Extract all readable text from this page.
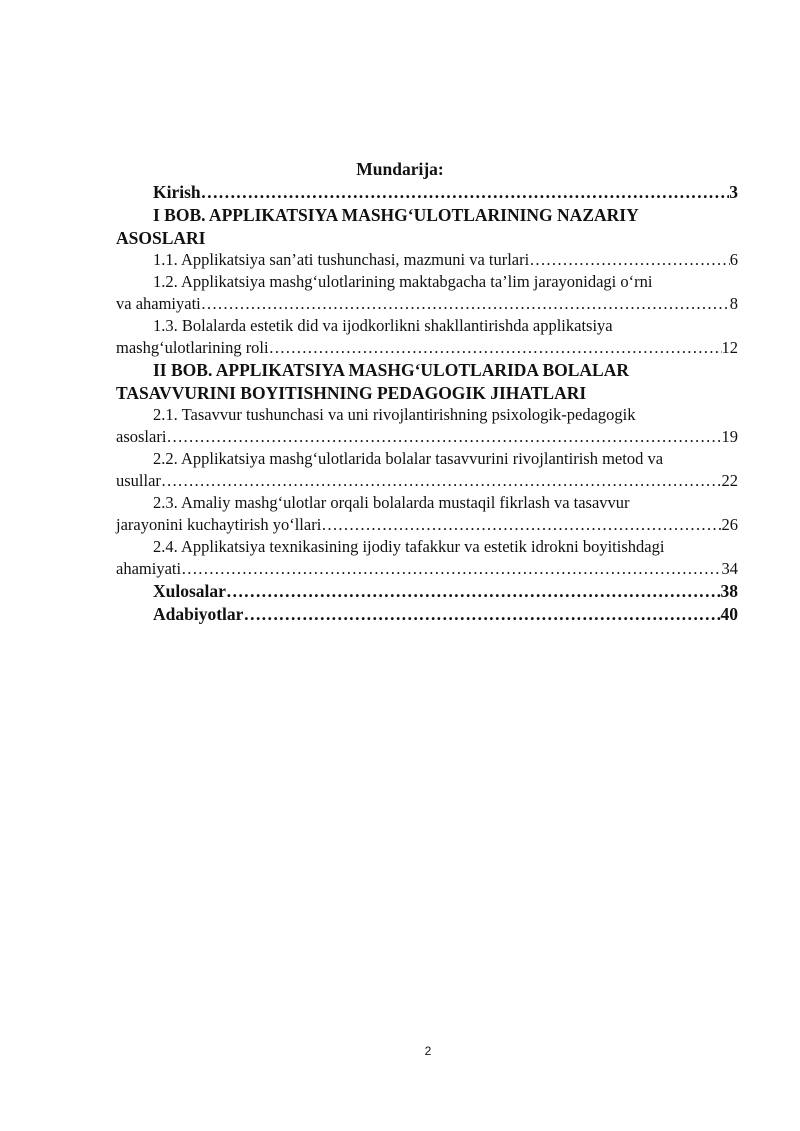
Mundarija:
Kirish …………………………………………………………………………………………………………………………………………………………………………………………	3
I BOB. APPLIKATSIYA MASHG‘ULOTLARINING NAZARIY
ASOSLARI
1.1. Applikatsiya san’ati tushunchasi, mazmuni va turlari …………………………………………………………………………………………………………………………………………………………………………………………	6
1.2. Applikatsiya mashg‘ulotlarining maktabgacha ta’lim jarayonidagi o‘rni
va ahamiyati …………………………………………………………………………………………………………………………………………………………………………………………	8
1.3. Bolalarda estetik did va ijodkorlikni shakllantirishda applikatsiya
mashg‘ulotlarining roli …………………………………………………………………………………………………………………………………………………………………………………………	12
II BOB. APPLIKATSIYA MASHG‘ULOTLARIDA BOLALAR
TASAVVURINI BOYITISHNING PEDAGOGIK JIHATLARI
2.1. Tasavvur tushunchasi va uni rivojlantirishning psixologik-pedagogik
asoslari …………………………………………………………………………………………………………………………………………………………………………………………	19
2.2. Applikatsiya mashg‘ulotlarida bolalar tasavvurini rivojlantirish metod va
usullar …………………………………………………………………………………………………………………………………………………………………………………………	22
2.3. Amaliy mashg‘ulotlar orqali bolalarda mustaqil fikrlash va tasavvur
jarayonini kuchaytirish yo‘llari …………………………………………………………………………………………………………………………………………………………………………………………	26
2.4. Applikatsiya texnikasining ijodiy tafakkur va estetik idrokni boyitishdagi
ahamiyati …………………………………………………………………………………………………………………………………………………………………………………………	34
Xulosalar …………………………………………………………………………………………………………………………………………………………………………………………	38
Adabiyotlar …………………………………………………………………………………………………………………………………………………………………………………………	40
2
